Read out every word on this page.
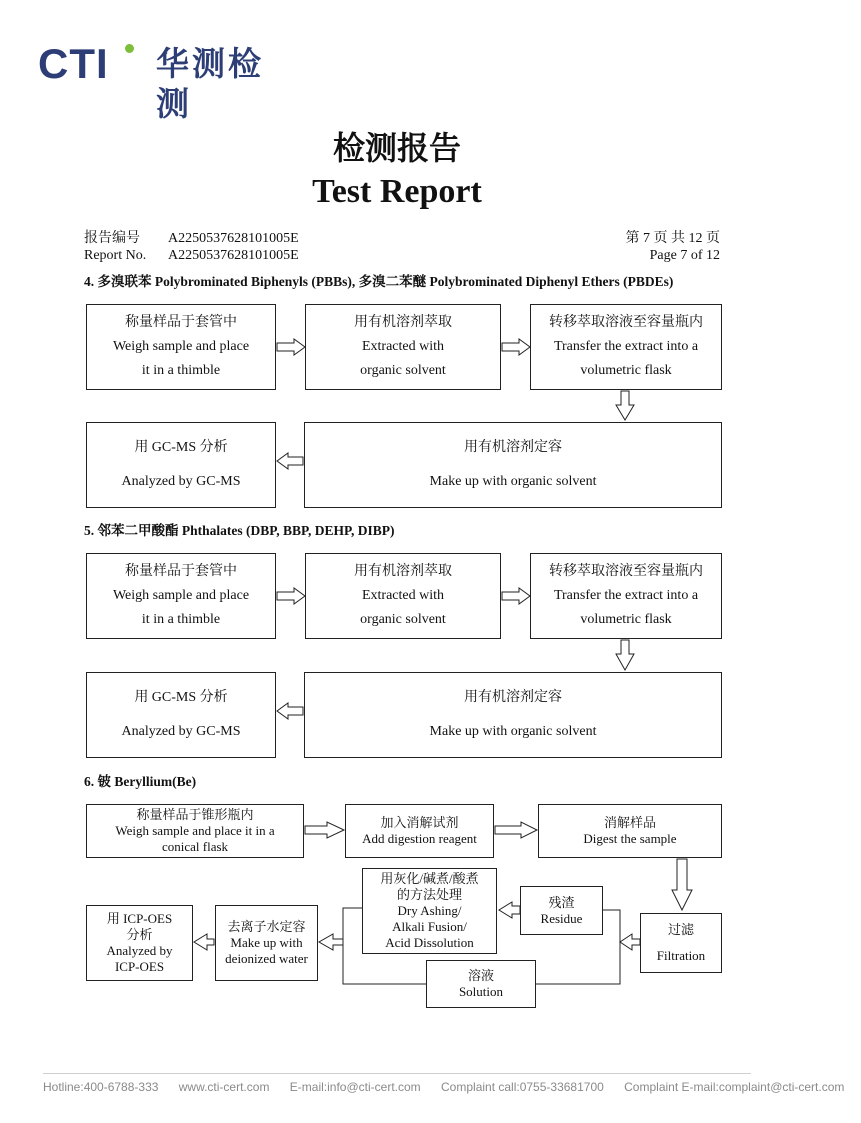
CTI 华测检测
检测报告
Test Report
报告编号
Report No.
A2250537628101005E
A2250537628101005E
第 7 页 共 12 页
Page 7 of 12
4. 多溴联苯 Polybrominated Biphenyls (PBBs), 多溴二苯醚 Polybrominated Diphenyl Ethers (PBDEs)
称量样品于套管中
Weigh sample and place
it in a thimble
用有机溶剂萃取
Extracted with
organic solvent
转移萃取溶液至容量瓶内
Transfer the extract into a
volumetric flask
用 GC-MS 分析
Analyzed by GC-MS
用有机溶剂定容
Make up with organic solvent
5. 邻苯二甲酸酯 Phthalates (DBP, BBP, DEHP, DIBP)
称量样品于套管中
Weigh sample and place
it in a thimble
用有机溶剂萃取
Extracted with
organic solvent
转移萃取溶液至容量瓶内
Transfer the extract into a
volumetric flask
用 GC-MS 分析
Analyzed by GC-MS
用有机溶剂定容
Make up with organic solvent
6. 铍 Beryllium(Be)
称量样品于锥形瓶内
Weigh sample and place it in a
conical flask
加入消解试剂
Add digestion reagent
消解样品
Digest the sample
过滤
Filtration
残渣
Residue
用灰化/碱煮/酸煮
的方法处理
Dry Ashing/
Alkali Fusion/
Acid Dissolution
溶液
Solution
去离子水定容
Make up with
deionized water
用 ICP-OES
分析
Analyzed by
ICP-OES
Hotline:400-6788-333 www.cti-cert.com E-mail:info@cti-cert.com Complaint call:0755-33681700 Complaint E-mail:complaint@cti-cert.com
